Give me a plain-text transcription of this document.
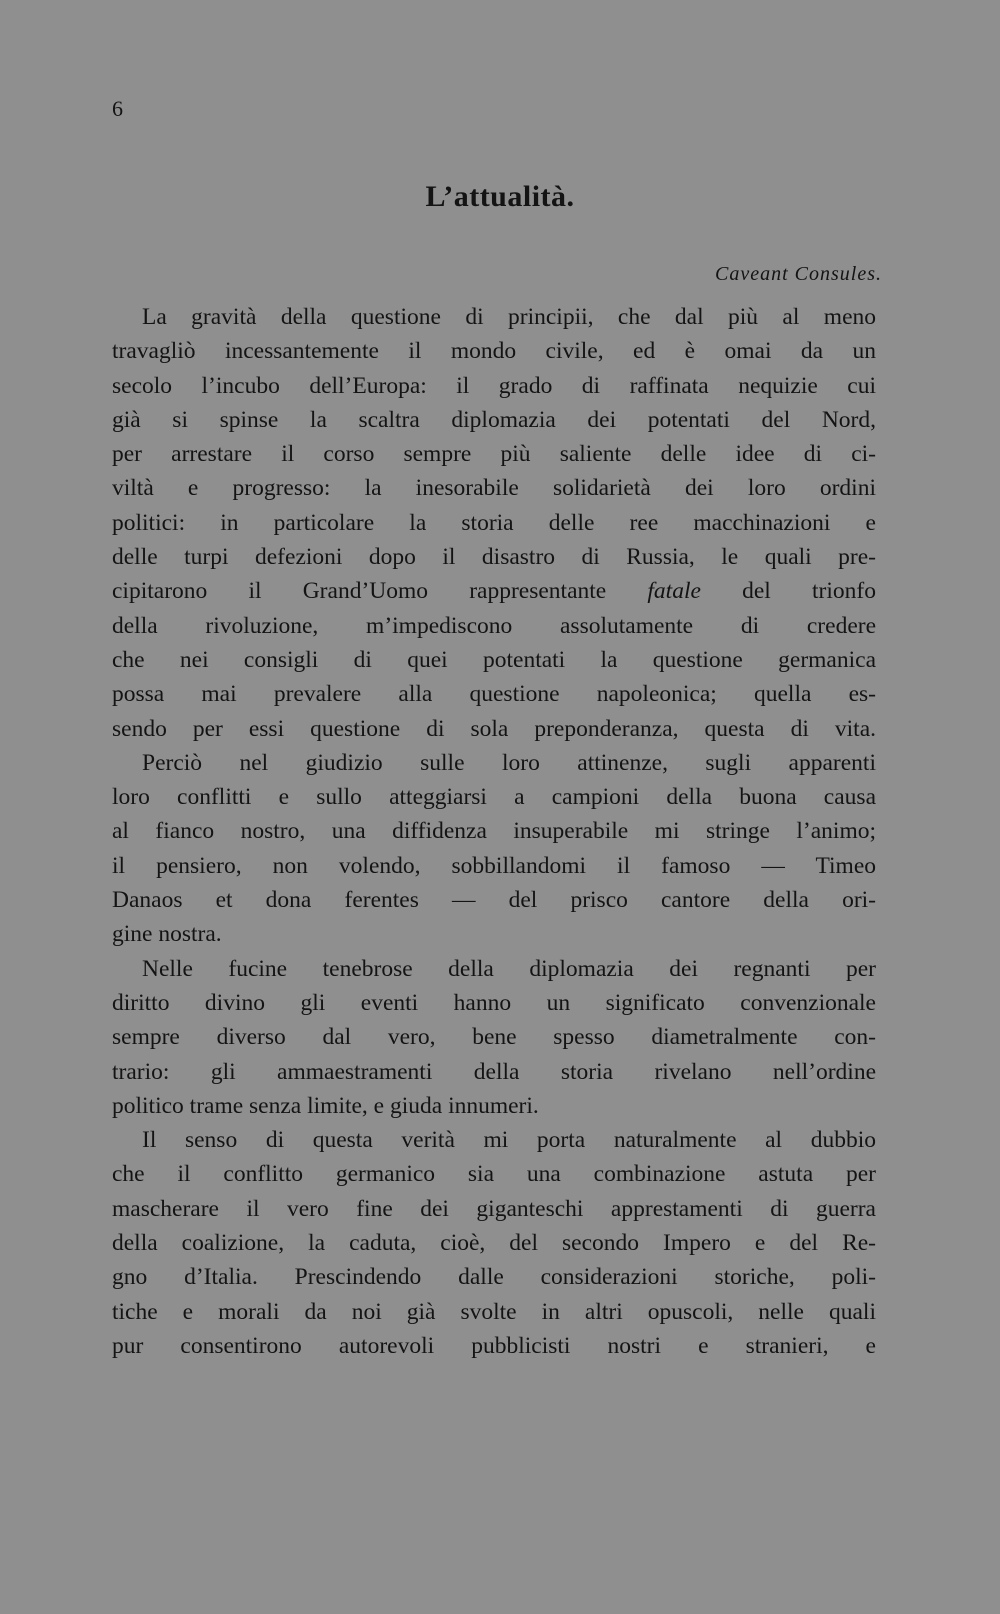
6
L’attualità.
Caveant Consules.
La gravità della questione di principii, che dal più al meno
travagliò incessantemente il mondo civile, ed è omai da un
secolo l’incubo dell’Europa: il grado di raffinata nequizie cui
già si spinse la scaltra diplomazia dei potentati del Nord,
per arrestare il corso sempre più saliente delle idee di ci-
viltà e progresso: la inesorabile solidarietà dei loro ordini
politici: in particolare la storia delle ree macchinazioni e
delle turpi defezioni dopo il disastro di Russia, le quali pre-
cipitarono il Grand’Uomo rappresentante fatale del trionfo
della rivoluzione, m’impediscono assolutamente di credere
che nei consigli di quei potentati la questione germanica
possa mai prevalere alla questione napoleonica; quella es-
sendo per essi questione di sola preponderanza, questa di vita.
Perciò nel giudizio sulle loro attinenze, sugli apparenti
loro conflitti e sullo atteggiarsi a campioni della buona causa
al fianco nostro, una diffidenza insuperabile mi stringe l’animo;
il pensiero, non volendo, sobbillandomi il famoso — Timeo
Danaos et dona ferentes — del prisco cantore della ori-
gine nostra.
Nelle fucine tenebrose della diplomazia dei regnanti per
diritto divino gli eventi hanno un significato convenzionale
sempre diverso dal vero, bene spesso diametralmente con-
trario: gli ammaestramenti della storia rivelano nell’ordine
politico trame senza limite, e giuda innumeri.
Il senso di questa verità mi porta naturalmente al dubbio
che il conflitto germanico sia una combinazione astuta per
mascherare il vero fine dei giganteschi apprestamenti di guerra
della coalizione, la caduta, cioè, del secondo Impero e del Re-
gno d’Italia. Prescindendo dalle considerazioni storiche, poli-
tiche e morali da noi già svolte in altri opuscoli, nelle quali
pur consentirono autorevoli pubblicisti nostri e stranieri, e
